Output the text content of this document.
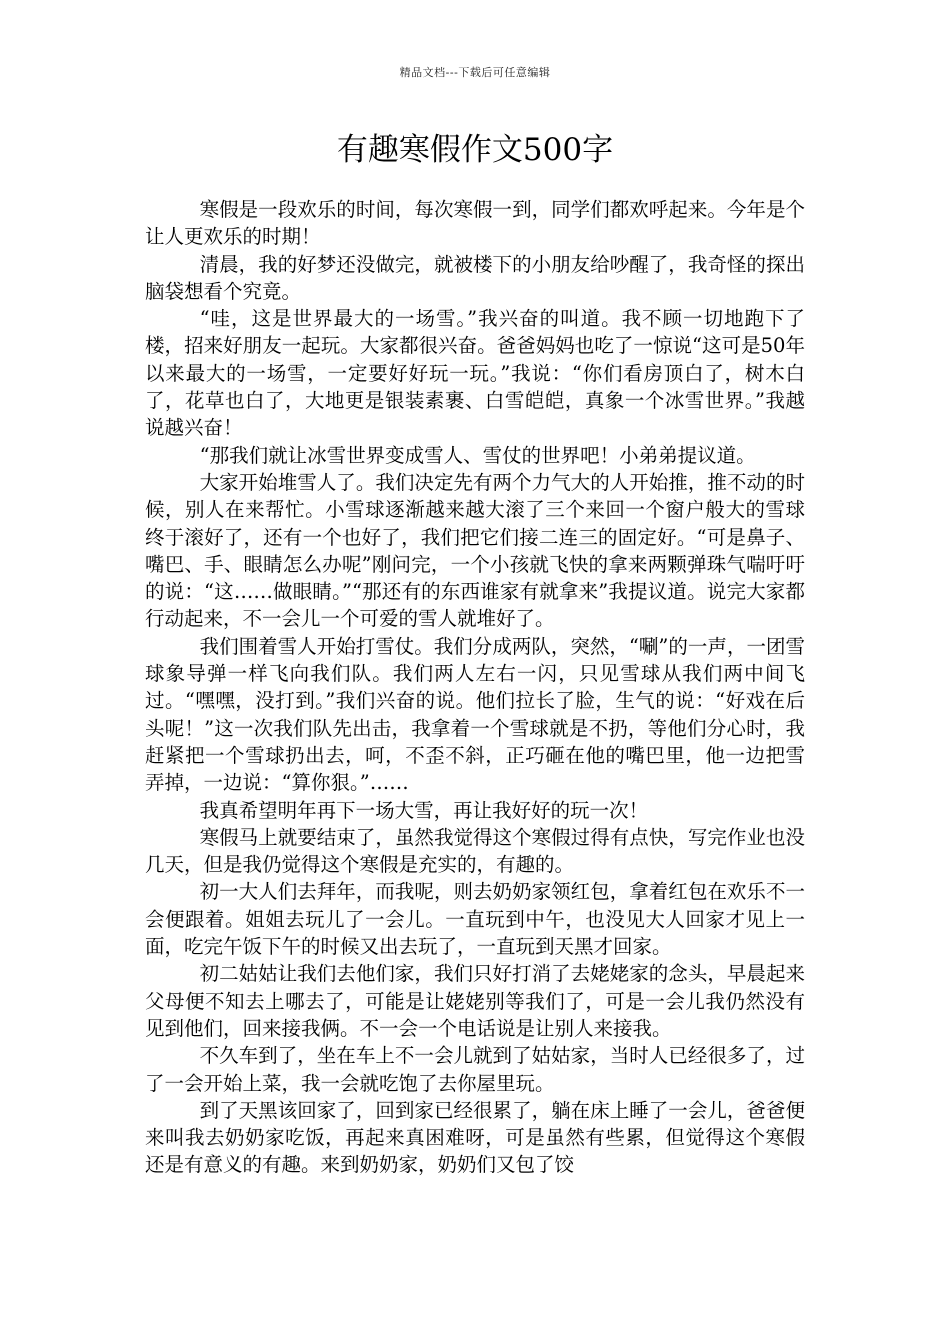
精品文档---下载后可任意编辑
有趣寒假作文500字

寒假是一段欢乐的时间，每次寒假一到，同学们都欢呼起来。今年是个让人更欢乐的时期！

清晨，我的好梦还没做完，就被楼下的小朋友给吵醒了，我奇怪的探出脑袋想看个究竟。

“哇，这是世界最大的一场雪。”我兴奋的叫道。我不顾一切地跑下了楼，招来好朋友一起玩。大家都很兴奋。爸爸妈妈也吃了一惊说“这可是50年以来最大的一场雪，一定要好好玩一玩。”我说：“你们看房顶白了，树木白了，花草也白了，大地更是银装素裹、白雪皑皑，真象一个冰雪世界。”我越说越兴奋！

“那我们就让冰雪世界变成雪人、雪仗的世界吧！小弟弟提议道。

大家开始堆雪人了。我们决定先有两个力气大的人开始推，推不动的时候，别人在来帮忙。小雪球逐渐越来越大滚了三个来回一个窗户般大的雪球终于滚好了，还有一个也好了，我们把它们接二连三的固定好。“可是鼻子、嘴巴、手、眼睛怎么办呢”刚问完，一个小孩就飞快的拿来两颗弹珠气喘吁吁的说：“这……做眼睛。”“那还有的东西谁家有就拿来”我提议道。说完大家都行动起来，不一会儿一个可爱的雪人就堆好了。

我们围着雪人开始打雪仗。我们分成两队，突然，“唰”的一声，一团雪球象导弹一样飞向我们队。我们两人左右一闪，只见雪球从我们两中间飞过。“嘿嘿，没打到。”我们兴奋的说。他们拉长了脸，生气的说：“好戏在后头呢！”这一次我们队先出击，我拿着一个雪球就是不扔，等他们分心时，我赶紧把一个雪球扔出去，呵，不歪不斜，正巧砸在他的嘴巴里，他一边把雪弄掉，一边说：“算你狠。”……

我真希望明年再下一场大雪，再让我好好的玩一次！

寒假马上就要结束了，虽然我觉得这个寒假过得有点快，写完作业也没几天，但是我仍觉得这个寒假是充实的，有趣的。

初一大人们去拜年，而我呢，则去奶奶家领红包，拿着红包在欢乐不一会便跟着。姐姐去玩儿了一会儿。一直玩到中午，也没见大人回家才见上一面，吃完午饭下午的时候又出去玩了，一直玩到天黑才回家。

初二姑姑让我们去他们家，我们只好打消了去姥姥家的念头，早晨起来父母便不知去上哪去了，可能是让姥姥别等我们了，可是一会儿我仍然没有见到他们，回来接我俩。不一会一个电话说是让别人来接我。

不久车到了，坐在车上不一会儿就到了姑姑家，当时人已经很多了，过了一会开始上菜，我一会就吃饱了去你屋里玩。

到了天黑该回家了，回到家已经很累了，躺在床上睡了一会儿，爸爸便来叫我去奶奶家吃饭，再起来真困难呀，可是虽然有些累，但觉得这个寒假还是有意义的有趣。来到奶奶家，奶奶们又包了饺
